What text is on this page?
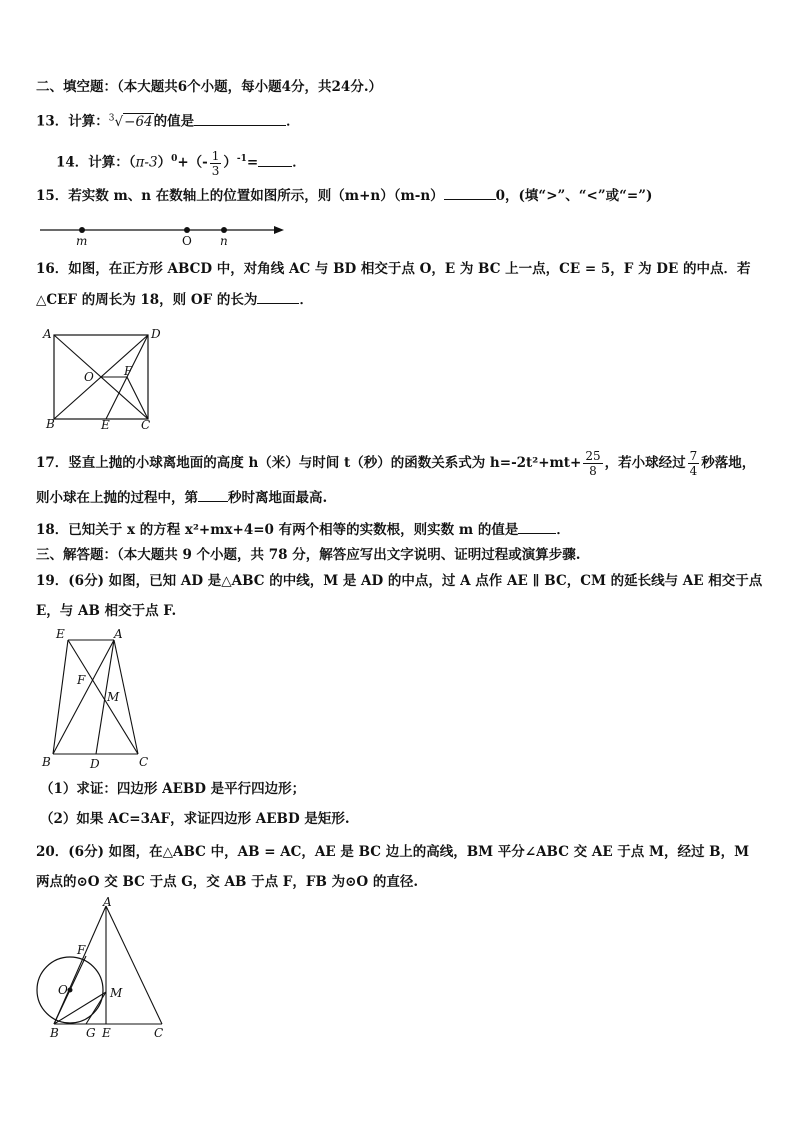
二、填空题：（本大题共6个小题，每小题4分，共24分.）
13．计算：$^3$√−64的值是	．
14．计算：$(\pi-3)^0+(- \frac{1}{3} )^{-1}=$	．
15．若实数 m、n 在数轴上的位置如图所示，则（m+n）（m-n）	0，(填“>”、“<”或“=”)
m	O n
16．如图，在正方形 ABCD 中，对角线 AC 与 BD 相交于点 O，E 为 BC 上一点，CE = 5，F 为 DE 的中点．若
△CEF 的周长为 18，则 OF 的长为	．
A	D
O	F
B	E	C
17．竖直上抛的小球离地面的高度 h（米）与时间 t（秒）的函数关系式为 $h=-2t^2+mt+ \frac{25}{8}$ ，若小球经过 $\frac{7}{4}$ 秒落地，
则小球在上抛的过程中，第 秒时离地面最高.
18．已知关于 x 的方程 x²+mx+4=0 有两个相等的实数根，则实数 m 的值是	．
三、解答题：（本大题共 9 个小题，共 78 分，解答应写出文字说明、证明过程或演算步骤.
19．(6分) 如图，已知 AD 是△ABC 的中线，M 是 AD 的中点，过 A 点作 AE ∥ BC，CM 的延长线与 AE 相交于点
E，与 AB 相交于点 F.
E	A
F
M
B	D	C
（1）求证：四边形 AEBD 是平行四边形；
（2）如果 AC=3AF，求证四边形 AEBD 是矩形.
20．(6分) 如图，在△ABC 中，AB = AC，AE 是 BC 边上的高线，BM 平分∠ABC 交 AE 于点 M，经过 B，M
两点的⊙O 交 BC 于点 G，交 AB 于点 F，FB 为⊙O 的直径.
A
F
O	M
B G E	C
